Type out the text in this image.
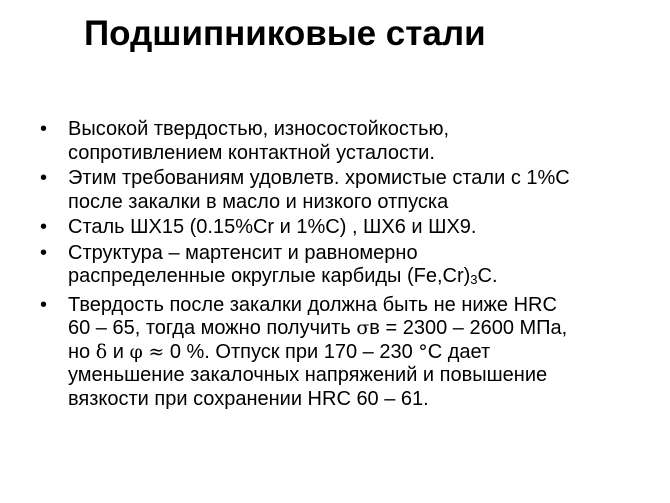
Подшипниковые стали
• Высокой твердостью, износостойкостью,
сопротивлением контактной усталости.
• Этим требованиям удовлетв. хромистые стали с 1%С
после закалки в масло и низкого отпуска
• Сталь ШХ15 (0.15%Сr и 1%С) , ШХ6 и ШХ9.
• Структура – мартенсит и равномерно
распределенные округлые карбиды (Fe,Cr)3C.
• Твердость после закалки должна быть не ниже HRC
60 – 65, тогда можно получить σв = 2300 – 2600 МПа,
но δ и φ ≈ 0 %. Отпуск при 170 – 230 °С дает
уменьшение закалочных напряжений и повышение
вязкости при сохранении HRC 60 – 61.
